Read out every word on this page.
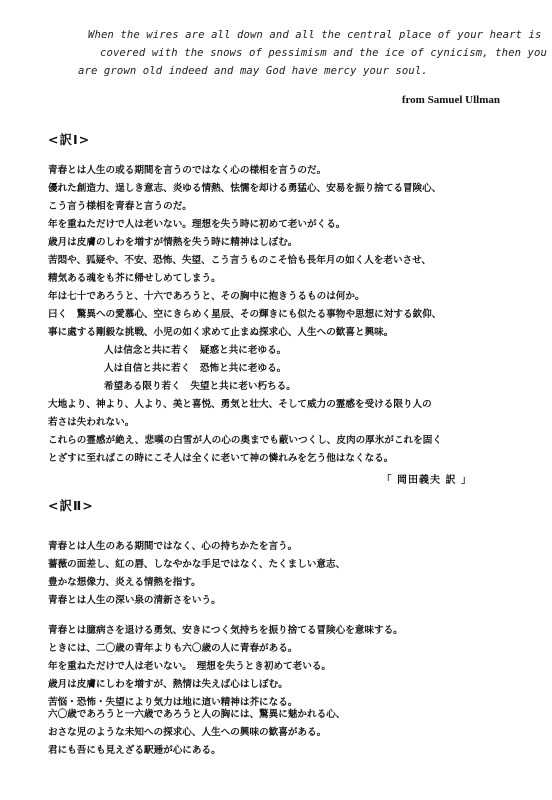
When the wires are all down and all the central place of your heart is
covered with the snows of pessimism and the ice of cynicism, then you
are grown old indeed and may God have mercy your soul.
from Samuel Ullman
<訳Ⅰ>
青春とは人生の或る期間を言うのではなく心の様相を言うのだ。
優れた創造力、逞しき意志、炎ゆる情熱、怯懦を却ける勇猛心、安易を振り捨てる冒険心、
こう言う様相を青春と言うのだ。
年を重ねただけで人は老いない。理想を失う時に初めて老いがくる。
歳月は皮膚のしわを増すが情熱を失う時に精神はしぼむ。
苦悶や、狐疑や、不安、恐怖、失望、こう言うものこそ恰も長年月の如く人を老いさせ、
精気ある魂をも芥に帰せしめてしまう。
年は七十であろうと、十六であろうと、その胸中に抱きうるものは何か。
曰く　驚異への愛慕心、空にきらめく星辰、その輝きにも似たる事物や思想に対する欽仰、
事に處する剛毅な挑戦、小児の如く求めて止まぬ探求心、人生への歓喜と興味。
人は信念と共に若く　疑惑と共に老ゆる。
人は自信と共に若く　恐怖と共に老ゆる。
希望ある限り若く　失望と共に老い朽ちる。
大地より、神より、人より、美と喜悦、勇気と壮大、そして威力の霊感を受ける限り人の
若さは失われない。
これらの霊感が絶え、悲嘆の白雪が人の心の奥までも蔽いつくし、皮肉の厚氷がこれを固く
とざすに至ればこの時にこそ人は全くに老いて神の憐れみを乞う他はなくなる。
「 岡田義夫 訳 」
<訳Ⅱ>
青春とは人生のある期間ではなく、心の持ちかたを言う。
薔薇の面差し、紅の唇、しなやかな手足ではなく、たくましい意志、
豊かな想像力、炎える情熱を指す。
青春とは人生の深い泉の清新さをいう。
青春とは臆病さを退ける勇気、安きにつく気持ちを振り捨てる冒険心を意味する。
ときには、二〇歳の青年よりも六〇歳の人に青春がある。
年を重ねただけで人は老いない。　理想を失うとき初めて老いる。
歳月は皮膚にしわを増すが、熱情は失えば心はしぼむ。
苦悩・恐怖・失望により気力は地に這い精神は芥になる。
六〇歳であろうと一六歳であろうと人の胸には、驚異に魅かれる心、
おさな児のような未知への探求心、人生への興味の歓喜がある。
君にも吾にも見えざる駅逓が心にある。
